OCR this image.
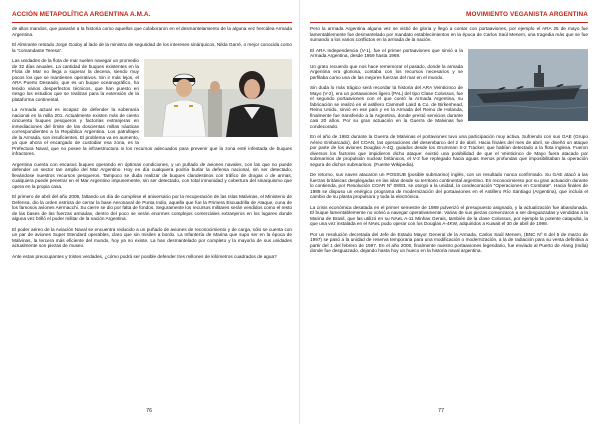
ACCIÓN METAPOLÍTICA ARGENTINA A.M.A.

de altos mandos, que pasarán a la historia como aquellos que colaboraron en el desmantelamiento de la alguna vez hercúlea Armada Argentina.

El Almirante retirado Jorge Godoy al lado de la ministra de seguridad de los intereses sinárquicos, Nilda Garré, o mejor conocida como la “comandante Teresa”.

Las unidades de la flota de mar suelen navegar un promedio de 32 días anuales. La cantidad de buques existentes en la Flota de Mar no llega a superar la decena, siendo muy pocos los que se mantienen operativos. Sin ir más lejos, el ARA Puerto Deseado, que es un buque oceanográfico, ha tenido varios desperfectos técnicos, que han puesto en riesgo los estudios que se realizan para la extensión de la plataforma continental.

La Armada actual es incapaz de defender la soberanía nacional en la milla 201. Actualmente existen más de ciento cincuenta buques pesqueros y factorías extranjeras en inmediaciones del límite de las doscientas millas náuticas correspondientes a la República Argentina. Los patrullajes de la Armada, son insuficientes. El problema va en aumento, ya que ahora el encargado de custodiar esa zona, es la Prefectura Naval, que no posee la infraestructura ni los recursos adecuados para prevenir que la zona esté infestada de buques infractores.

Argentina cuenta con escasos buques operando en óptimas condiciones, y un puñado de aviones navales, con las que no puede defender un sector tan amplio del Mar Argentino. Hoy en día cualquiera podría burlar la defensa nacional, sin ser detectado, llevándose nuestros recursos pesqueros. Tampoco se duda realizar de buques clandestinos con tráfico de drogas o de armas, cualquiera puede penetrar en el Mar Argentino impunemente, sin ser detectado, con total inmunidad y cobertura del sinarquismo que opera en la propia casa.

El primero de abril del año 2009, faltando un día de cumplirse el aniversario por la recuperación de las Islas Malvinas, el Ministerio de Defensa, dio la orden estricta de cerrar la base Aeronaval de Punta Indio, aquella que fue la Primera Escuadrilla de Ataque, cuna de los famosos aviones Aermacchi. Su cierre se dio por falta de fondos. Seguramente los recursos militares serán vendidos como el resto de las bases de las fuerzas armadas, dentro del poco se verán enormes complejos comerciales extranjeros en los lugares donde alguna vez brilló el poder militar de la nación Argentina.

El poder aéreo de la Aviación Naval se encuentra reducido a un puñado de aviones de reconocimiento y de carga, sólo se cuenta con un par de aviones Super Etendard operables, claro que sin misiles a bordo. La Infantería de Marina que supo ser en la época de Malvinas, la tercera más eficiente del mundo, hoy ya no existe. La han desmantelado por completo y la mayoría de sus unidades actualmente son piezas de museo.

Ante estas preocupantes y tristes verdades, ¿cómo podrá ser posible defender tres millones de kilómetros cuadrados de agua?

76
MOVIMIENTO VEGANISTA ARGENTINA

Pero la armada Argentina alguna vez se vistió de gloria y llegó a contar con portaaviones, por ejemplo el ARA 25 de mayo fue lamentablemente fue desmantelado por mandato establecimientos en la época de Carlos Saúl Menem, una tragedia más que se fue sumando a los varios conflictos en la armada de la nación.

El ARA Independencia (V-1), fue el primer portaaviones que sirvió a la Armada Argentina, desde 1959 hasta 1969.

Un grato recuerdo que nos hace rememorar el pasado, donde la armada Argentina era gloriosa, contaba con los recursos necesarios y se perfilaba como una de las mejores fuerzas del mar en el mundo.

Sin duda lo más trágico será recordar la historia del ARA Veinticinco de Mayo (V-2), era un portaaviones ligero (PAL) del tipo Clase Colossus, fue el segundo portaaviones con el que contó la Armada Argentina, su fabricación se realizó en el astillero Cammell Laird & Co. de Birkenhead, Reino Unido, sirvió en ese país y en la Armada del Reino de Holanda, finalmente fue transferido a la Argentina, donde prestó servicios durante casi 20 años. Por su gran actuación en la Guerra de Malvinas fue condecorado.

En el año de 1982 durante la Guerra de Malvinas el portaviones tuvo una participación muy activa. Sufriendo con sus GAE (Grupo Aéreo Embarcado), del COAN, las operaciones del desembarco del 2 de abril. Hacia finales del mes de abril, se diseñó un ataque por parte de los aviones Douglas A-4Q, guiados desde los Grumman S-2 Tracker, que habían detectado a la flota inglesa. Fueron diversos los factores que impidieron dicho ataque: existió una posibilidad de que el Veinticinco de Mayo fuera atacado por submarinos de propulsión nuclear británicos, el V-2 fue replegado hacia aguas menos profundas que imposibilitaban la operación segura de dichos submarinos. (Fuente Wikipedia).

De retorno, sus naves atacaron un POSSUB (posible submarino) inglés, con un resultado nunca confirmado. Su GAE atacó a las fuerzas británicas desplegadas en las islas desde su territorio continental argentino. En reconocimiento por su gran actuación durante lo contienda, por Resolución COAR Nº 08/83, se otorgó a la unidad, la condecoración "Operaciones en Combate". Hacia finales de 1988 se dispuso un enérgico programa de modernización del portaaviones en el Astillero Río Santiago (Argentina), que incluía el cambio de su planta propulsora y toda la electrónica.

La crisis económica desatada en el primer semestre de 1989 pulverizó el presupuesto asignado, y la actualización fue abandonada. El buque lamentablemente no volvió a navegar operativamente. Varias de sus piezas comenzaron a ser desguazadas y vendidas a la Marina de Brasil, que las utilizó en su NAeL A-11 Minhas Gerais, también de la clase Colossus, por ejemplo la potente catapulta, la que una vez instalada en el NAeL pudo operar con los Douglas A-4KW, adquiridos a Kuwait el 30 de abril de 1998.

Por un resolución decretada del Jefe de Estado Mayor General de la Armada, Carlos Saúl Menem, (BNC Nº 6 del 5 de marzo de 1997) se pasó a la unidad de reserva temporaria para una modificación o modernización, a la de radiación para su venta definitiva a partir del 1 del febrero de 1997. En el año 2000, finalmente nuestro portaaviones legendario, fue enviado al Puerto de Alang (India) donde fue desguazado, dejando hasta hoy un hueco en la historia naval argentina.

77
